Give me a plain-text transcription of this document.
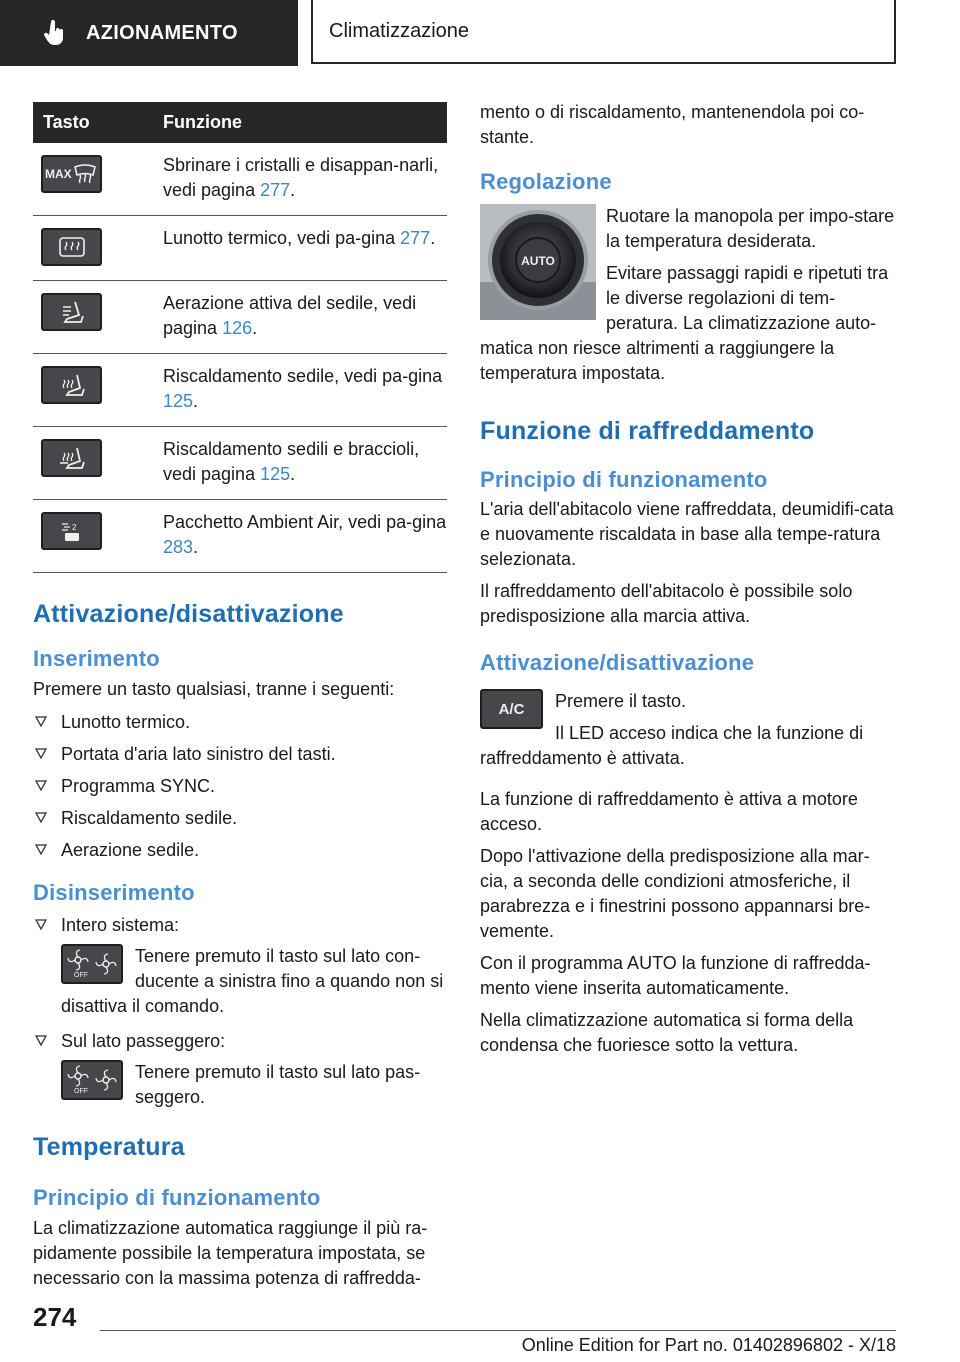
AZIONAMENTO	Climatizzazione
Tasto	Funzione

MAX	Sbrinare i cristalli e disappan-narli, vedi pagina 277.

	Lunotto termico, vedi pa-gina 277.

	Aerazione attiva del sedile, vedi pagina 126.

	Riscaldamento sedile, vedi pa-gina 125.

	Riscaldamento sedili e braccioli, vedi pagina 125.

2	Pacchetto Ambient Air, vedi pa-gina 283.
Attivazione/disattivazione
Inserimento

Premere un tasto qualsiasi, tranne i seguenti:

Lunotto termico.
Portata d'aria lato sinistro del tasti.
Programma SYNC.
Riscaldamento sedile.
Aerazione sedile.
Disinserimento
Intero sistema:
OFF
Tenere premuto il tasto sul lato con-ducente a sinistra fino a quando non si disattiva il comando.
Sul lato passeggero:
OFF
Tenere premuto il tasto sul lato pas-seggero.
Temperatura
Principio di funzionamento

La climatizzazione automatica raggiunge il più ra-pidamente possibile la temperatura impostata, se necessario con la massima potenza di raffredda-

mento o di riscaldamento, mantenendola poi co-stante.

Regolazione
AUTO

Ruotare la manopola per impo-stare la temperatura desiderata.

Evitare passaggi rapidi e ripetuti tra le diverse regolazioni di tem-peratura. La climatizzazione auto-matica non riesce altrimenti a raggiungere la temperatura impostata.

Funzione di raffreddamento
Principio di funzionamento

L'aria dell'abitacolo viene raffreddata, deumidifi-cata e nuovamente riscaldata in base alla tempe-ratura selezionata.

Il raffreddamento dell'abitacolo è possibile solo predisposizione alla marcia attiva.

Attivazione/disattivazione
A/C	Premere il tasto.

Il LED acceso indica che la funzione di raffreddamento è attivata.

La funzione di raffreddamento è attiva a motore acceso.

Dopo l'attivazione della predisposizione alla mar-cia, a seconda delle condizioni atmosferiche, il parabrezza e i finestrini possono appannarsi bre-vemente.

Con il programma AUTO la funzione di raffredda-mento viene inserita automaticamente.

Nella climatizzazione automatica si forma della condensa che fuoriesce sotto la vettura.

274
Online Edition for Part no. 01402896802 - X/18
